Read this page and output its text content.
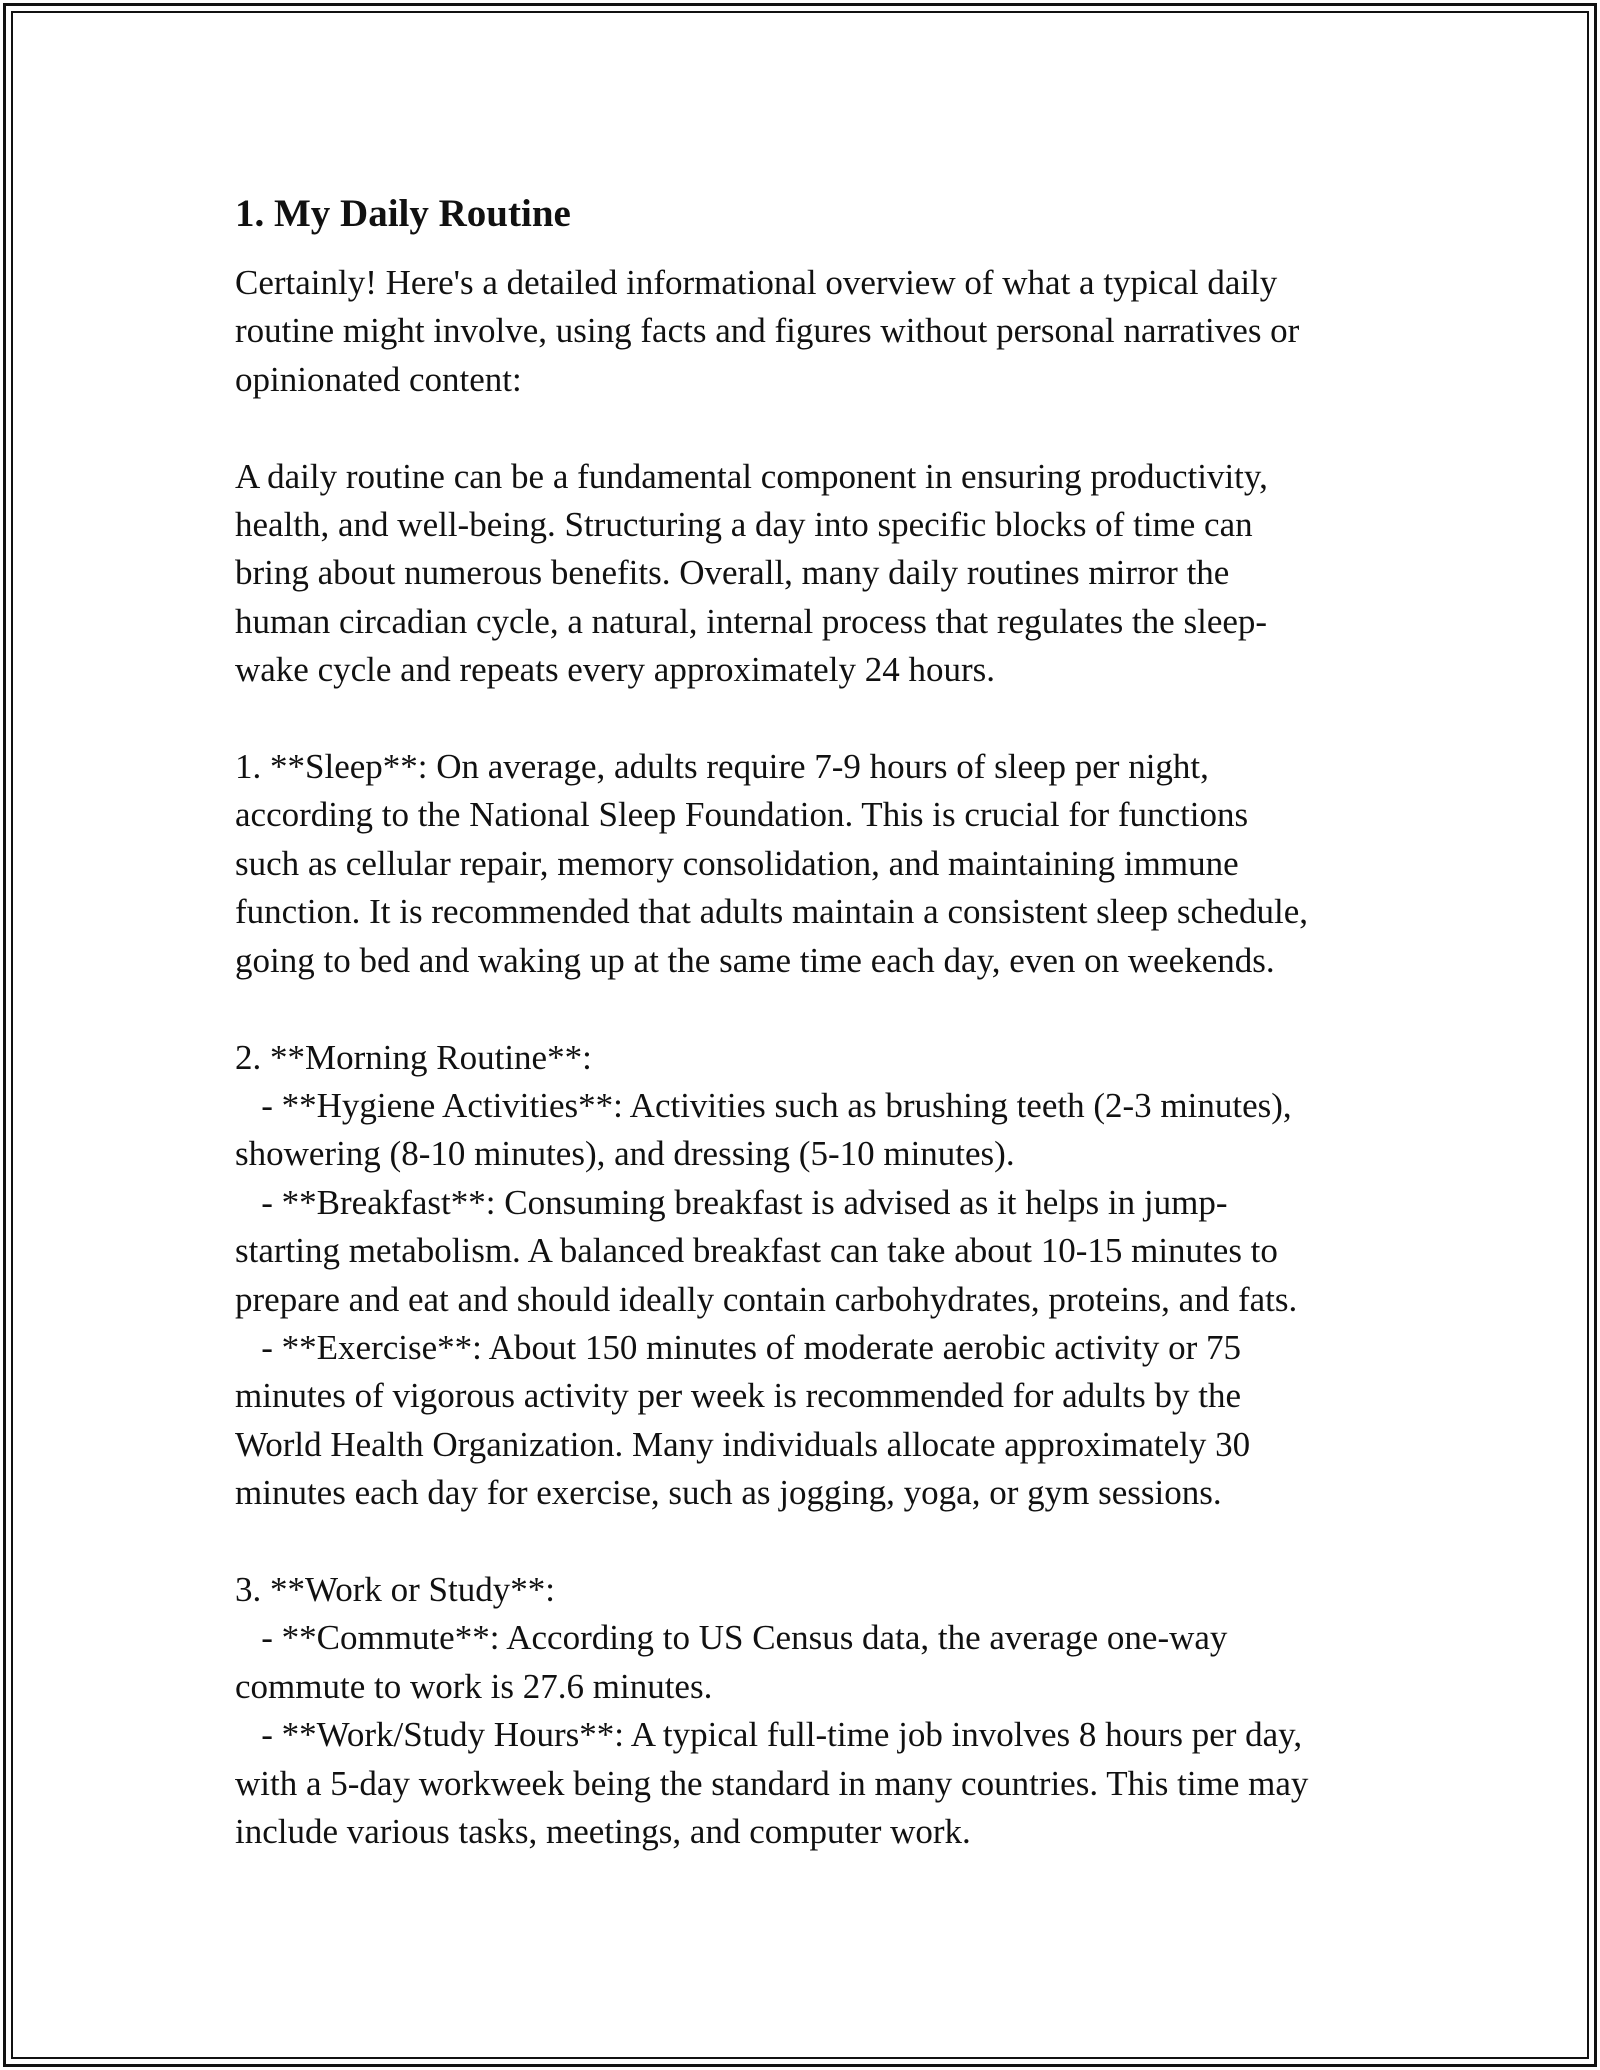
1. My Daily Routine
Certainly! Here's a detailed informational overview of what a typical daily
routine might involve, using facts and figures without personal narratives or
opinionated content:

A daily routine can be a fundamental component in ensuring productivity,
health, and well-being. Structuring a day into specific blocks of time can
bring about numerous benefits. Overall, many daily routines mirror the
human circadian cycle, a natural, internal process that regulates the sleep-
wake cycle and repeats every approximately 24 hours.

1. **Sleep**: On average, adults require 7-9 hours of sleep per night,
according to the National Sleep Foundation. This is crucial for functions
such as cellular repair, memory consolidation, and maintaining immune
function. It is recommended that adults maintain a consistent sleep schedule,
going to bed and waking up at the same time each day, even on weekends.

2. **Morning Routine**:
- **Hygiene Activities**: Activities such as brushing teeth (2-3 minutes),
showering (8-10 minutes), and dressing (5-10 minutes).
- **Breakfast**: Consuming breakfast is advised as it helps in jump-
starting metabolism. A balanced breakfast can take about 10-15 minutes to
prepare and eat and should ideally contain carbohydrates, proteins, and fats.
- **Exercise**: About 150 minutes of moderate aerobic activity or 75
minutes of vigorous activity per week is recommended for adults by the
World Health Organization. Many individuals allocate approximately 30
minutes each day for exercise, such as jogging, yoga, or gym sessions.

3. **Work or Study**:
- **Commute**: According to US Census data, the average one-way
commute to work is 27.6 minutes.
- **Work/Study Hours**: A typical full-time job involves 8 hours per day,
with a 5-day workweek being the standard in many countries. This time may
include various tasks, meetings, and computer work.
